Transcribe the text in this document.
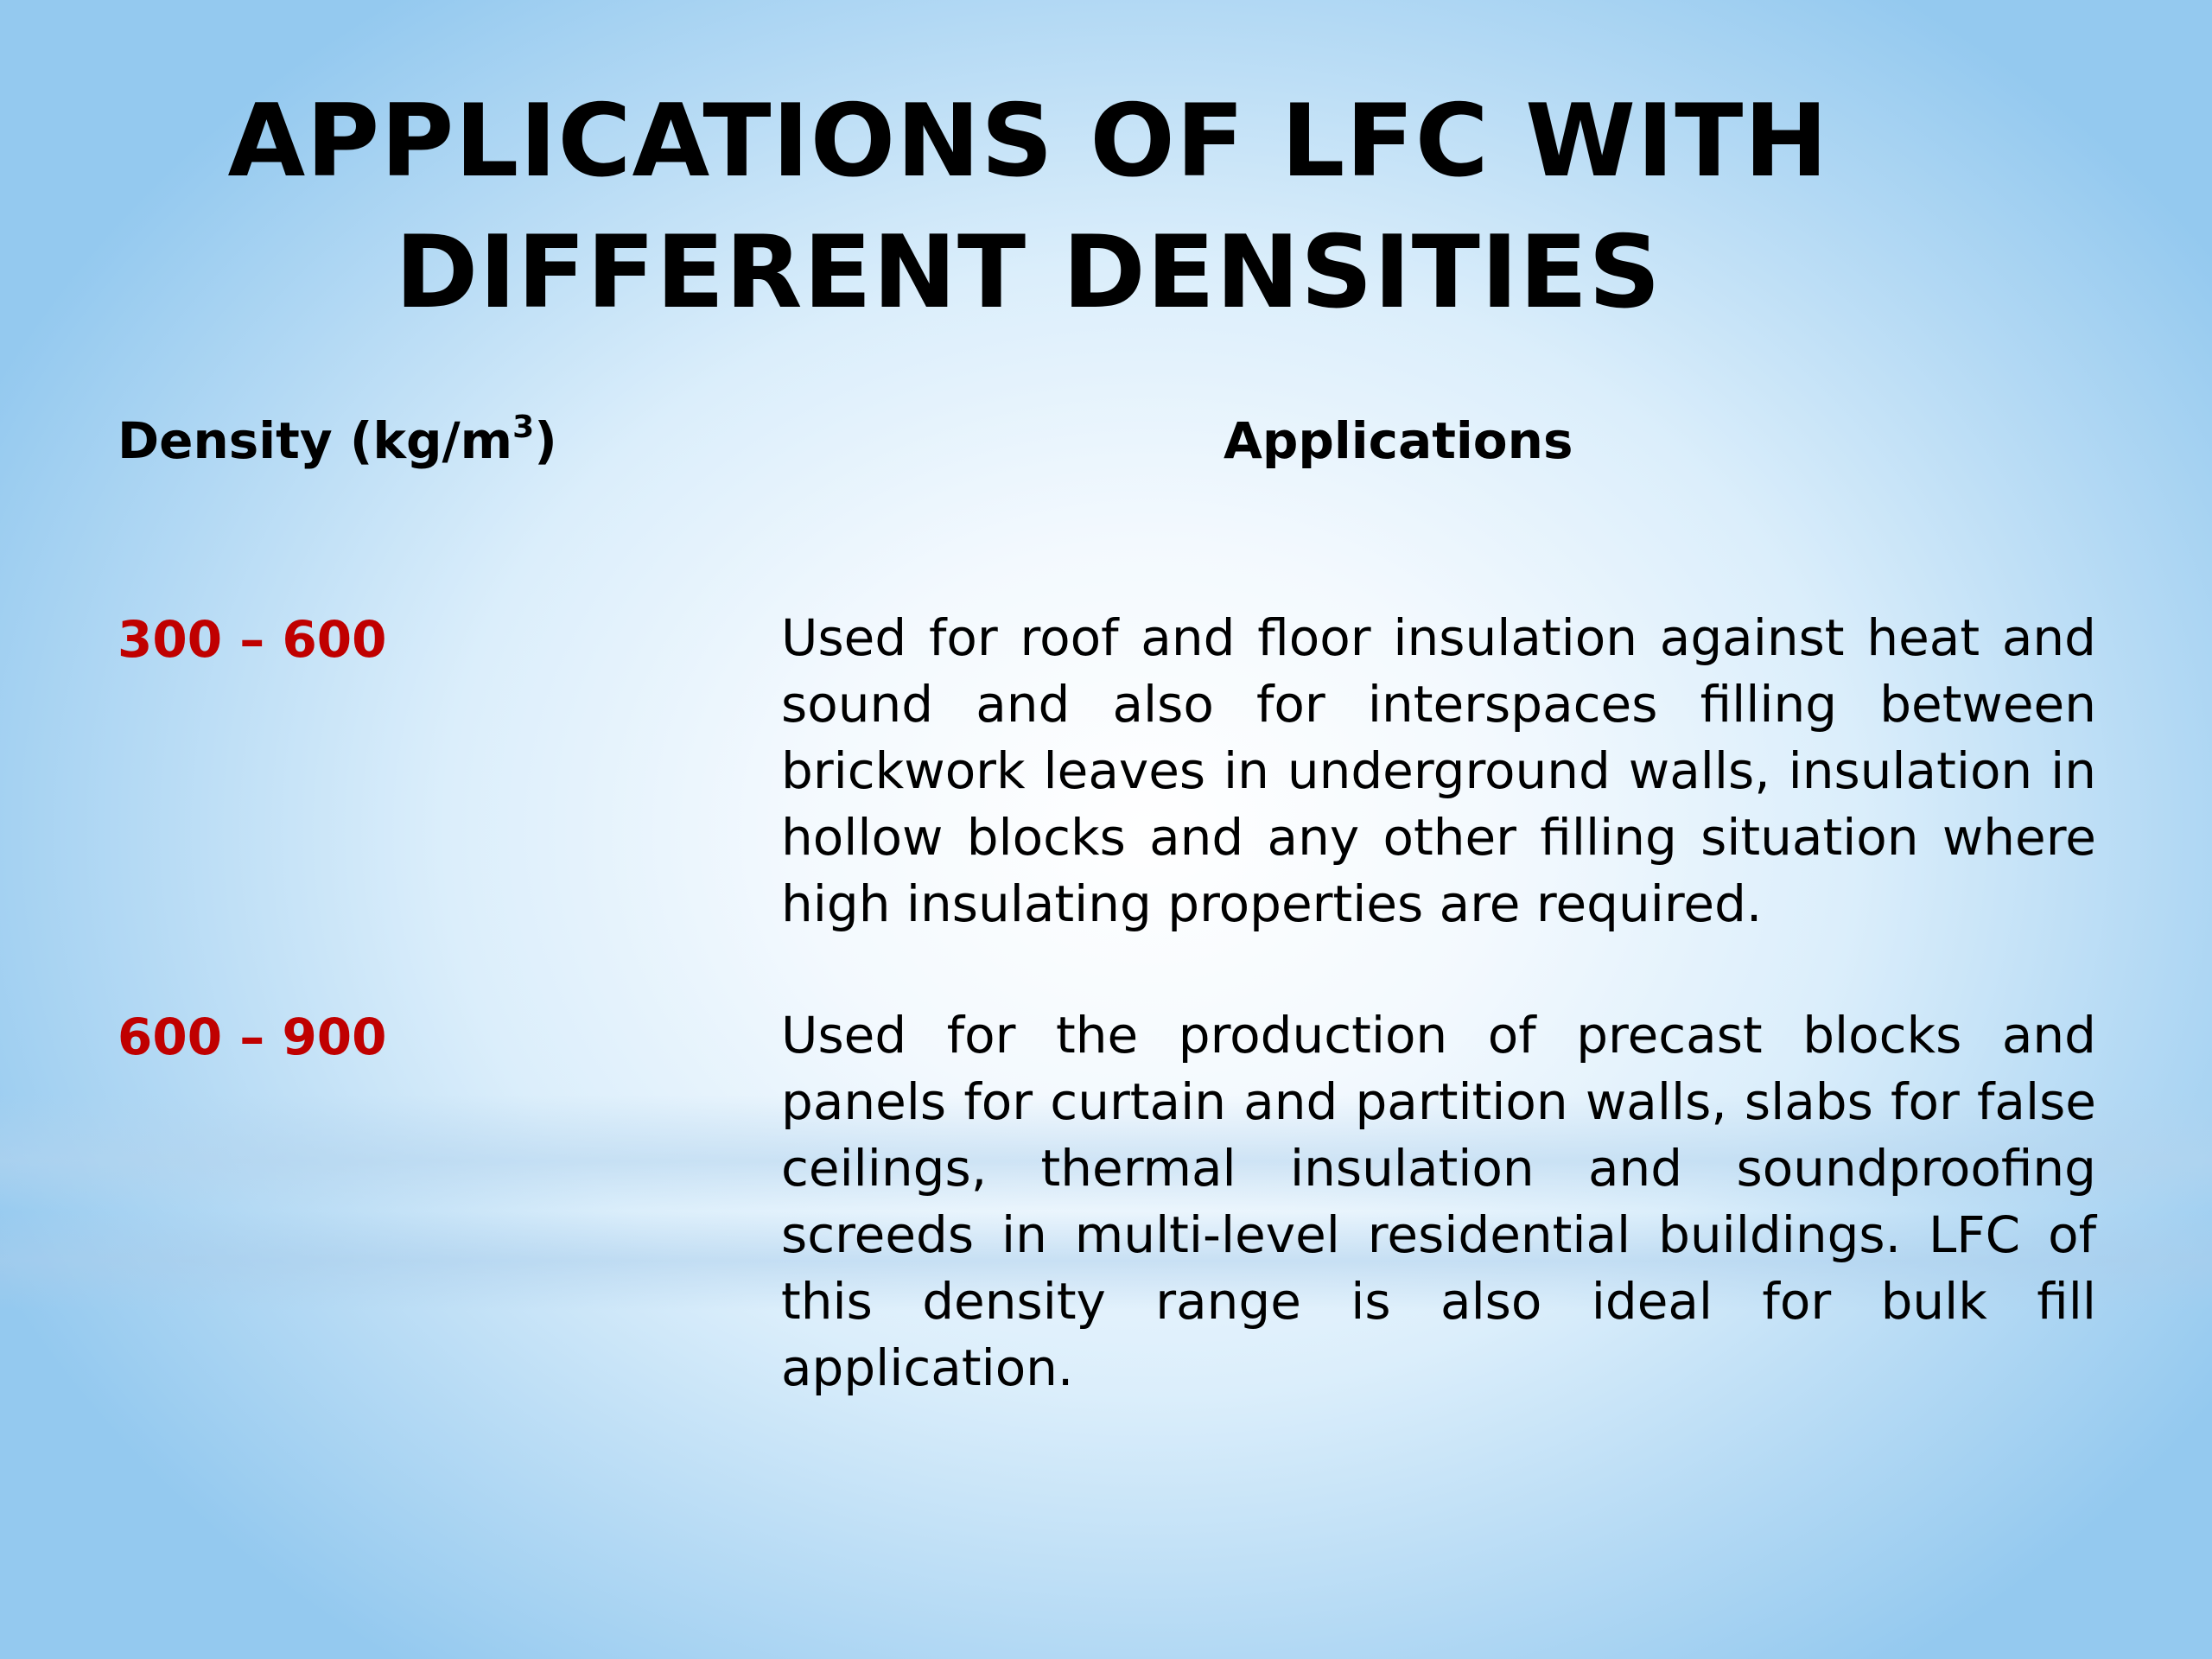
APPLICATIONS OF LFC WITH
DIFFERENT DENSITIES

Density $(kg/m^3)$	Applications

300 – 600	Used for roof and floor insulation against heat and sound and also for interspaces filling between brickwork leaves in underground walls, insulation in hollow blocks and any other filling situation where high insulating properties are required.

600 – 900	Used for the production of precast blocks and panels for curtain and partition walls, slabs for false ceilings, thermal insulation and soundproofing screeds in multi-level residential buildings. LFC of this density range is also ideal for bulk fill application.
